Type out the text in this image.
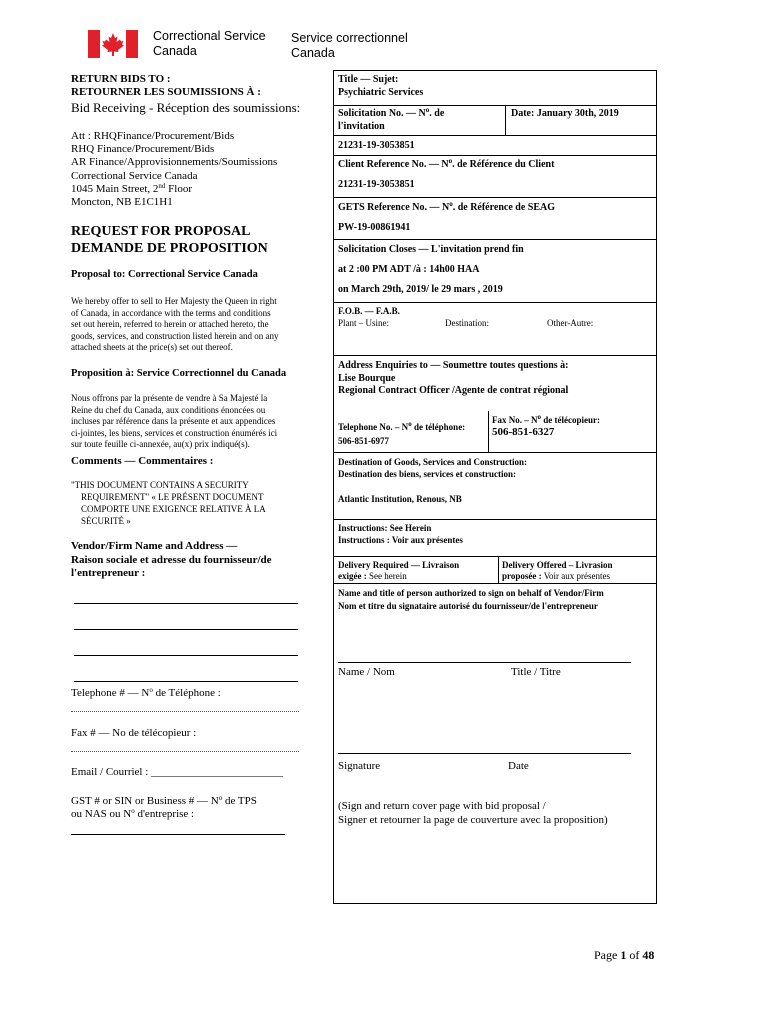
Correctional Service
Canada
Service correctionnel
Canada
RETURN BIDS TO :
RETOURNER LES SOUMISSIONS À :
Bid Receiving - Réception des soumissions:
Att : RHQFinance/Procurement/Bids
RHQ Finance/Procurement/Bids
AR Finance/Approvisionnements/Soumissions
Correctional Service Canada
1045 Main Street, 2nd Floor
Moncton, NB E1C1H1
REQUEST FOR PROPOSAL
DEMANDE DE PROPOSITION
Proposal to: Correctional Service Canada
We hereby offer to sell to Her Majesty the Queen in right
of Canada, in accordance with the terms and conditions
set out herein, referred to herein or attached hereto, the
goods, services, and construction listed herein and on any
attached sheets at the price(s) set out thereof.
Proposition à: Service Correctionnel du Canada
Nous offrons par la présente de vendre à Sa Majesté la
Reine du chef du Canada, aux conditions énoncées ou
incluses par référence dans la présente et aux appendices
ci-jointes, les biens, services et construction énumérés ici
sur toute feuille ci-annexée, au(x) prix indiqué(s).
Comments — Commentaires :
"THIS DOCUMENT CONTAINS A SECURITY
REQUIREMENT" « LE PRÉSENT DOCUMENT
COMPORTE UNE EXIGENCE RELATIVE À LA
SÉCURITÉ »
Vendor/Firm Name and Address —
Raison sociale et adresse du fournisseur/de
l'entrepreneur :
Telephone # — $N^o$ de Téléphone :
Fax # — No de télécopieur :
Email / Courriel : ________________________
GST # or SIN or Business # — $N^o$ de TPS
ou NAS ou $N^o$ d'entreprise :
Title — Sujet:
Psychiatric Services
Solicitation No. — $N^o$. de
l'invitation
Date: January 30th, 2019
21231-19-3053851
Client Reference No. — $N^o$. de Référence du Client
21231-19-3053851
GETS Reference No. — $N^o$. de Référence de SEAG
PW-19-00861941
Solicitation Closes — L'invitation prend fin
at 2 :00 PM ADT /à : 14h00 HAA
on March 29th, 2019/ le 29 mars , 2019
F.O.B. — F.A.B.
Plant – Usine:	Destination:	Other-Autre:
Address Enquiries to — Soumettre toutes questions à:
Lise Bourque
Regional Contract Officer /Agente de contrat régional
Telephone No. – $N^o$ de téléphone:
506-851-6977
Fax No. – $N^o$ de télécopieur:
506-851-6327
Destination of Goods, Services and Construction:
Destination des biens, services et construction:
Atlantic Institution, Renous, NB
Instructions: See Herein
Instructions : Voir aux présentes
Delivery Required — Livraison
exigée : See herein
Delivery Offered – Livrasion
proposée : Voir aux présentes
Name and title of person authorized to sign on behalf of Vendor/Firm
Nom et titre du signataire autorisé du fournisseur/de l'entrepreneur
Name / Nom	Title / Titre
Signature	Date
(Sign and return cover page with bid proposal /
Signer et retourner la page de couverture avec la proposition)
Page 1 of 48
